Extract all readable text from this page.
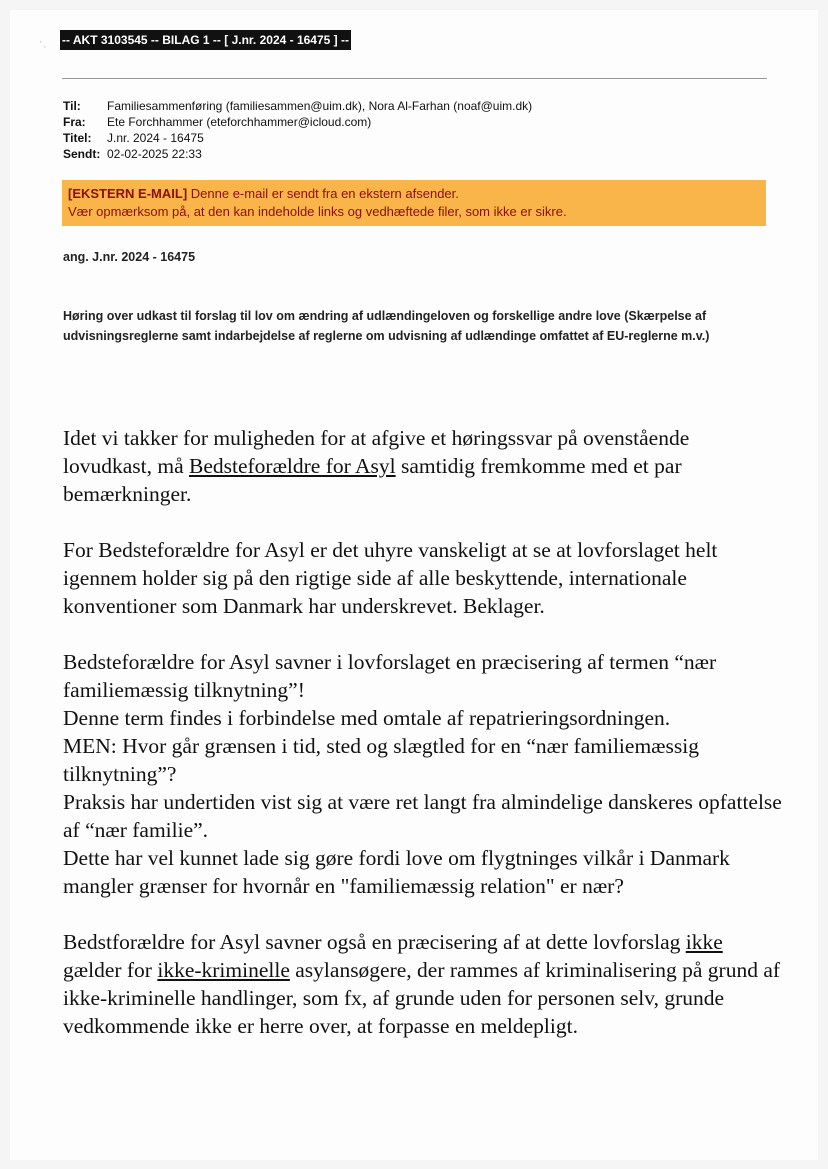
' , -- AKT 3103545 -- BILAG 1 -- [ J.nr. 2024 - 16475 ] --
Til:	Familiesammenføring (familiesammen@uim.dk), Nora Al-Farhan (noaf@uim.dk)
Fra:	Ete Forchhammer (eteforchhammer@icloud.com)
Titel:	J.nr. 2024 - 16475
Sendt: 02-02-2025 22:33
[EKSTERN E-MAIL] Denne e-mail er sendt fra en ekstern afsender.
Vær opmærksom på, at den kan indeholde links og vedhæftede filer, som ikke er sikre.
ang. J.nr. 2024 - 16475
Høring over udkast til forslag til lov om ændring af udlændingeloven og forskellige andre love (Skærpelse af udvisningsreglerne samt indarbejdelse af reglerne om udvisning af udlændinge omfattet af EU-reglerne m.v.)

Idet vi takker for muligheden for at afgive et høringssvar på ovenstående lovudkast, må Bedsteforældre for Asyl samtidig fremkomme med et par bemærkninger.

For Bedsteforældre for Asyl er det uhyre vanskeligt at se at lovforslaget helt igennem holder sig på den rigtige side af alle beskyttende, internationale konventioner som Danmark har underskrevet. Beklager.

Bedsteforældre for Asyl savner i lovforslaget en præcisering af termen “nær familiemæssig tilknytning”!
Denne term findes i forbindelse med omtale af repatrieringsordningen.
MEN: Hvor går grænsen i tid, sted og slægtled for en “nær familiemæssig tilknytning”?
Praksis har undertiden vist sig at være ret langt fra almindelige danskeres opfattelse af “nær familie”.
Dette har vel kunnet lade sig gøre fordi love om flygtninges vilkår i Danmark mangler grænser for hvornår en "familiemæssig relation" er nær?

Bedstforældre for Asyl savner også en præcisering af at dette lovforslag ikke gælder for ikke-kriminelle asylansøgere, der rammes af kriminalisering på grund af ikke-kriminelle handlinger, som fx, af grunde uden for personen selv, grunde vedkommende ikke er herre over, at forpasse en meldepligt.
